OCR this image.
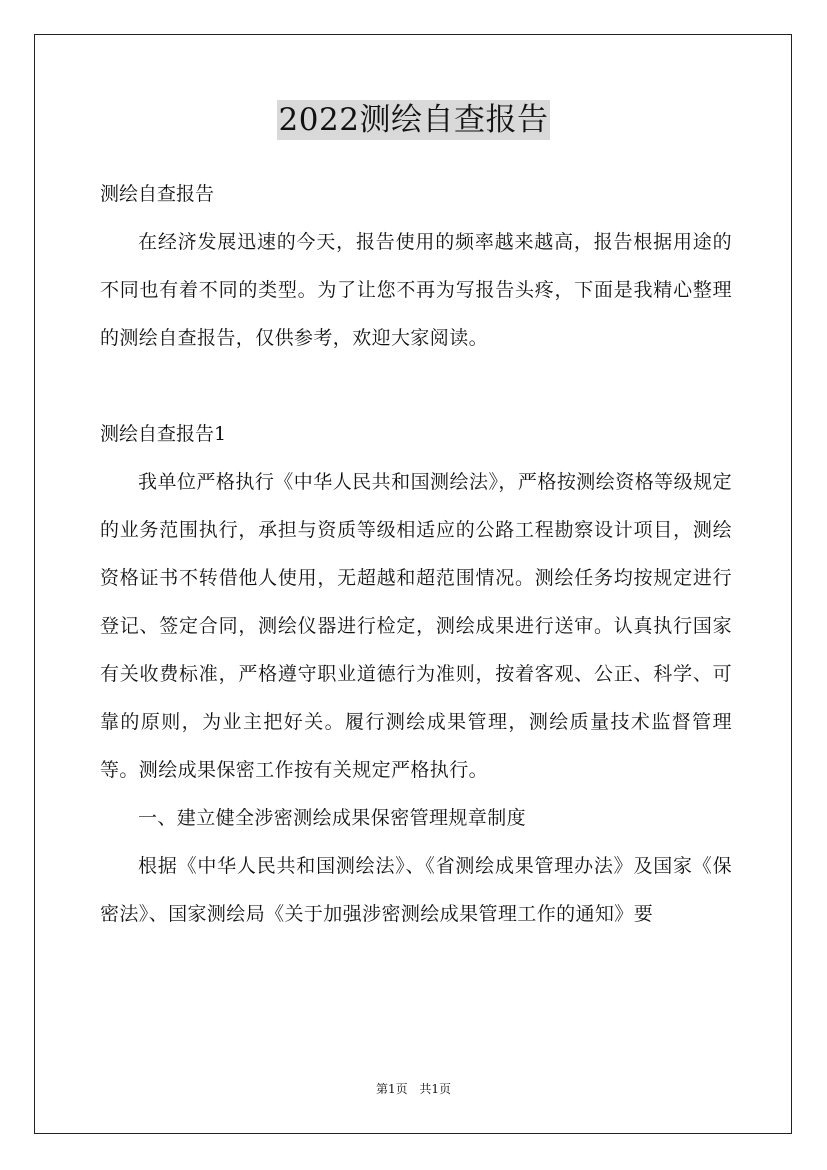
2022测绘自查报告

测绘自查报告

在经济发展迅速的今天，报告使用的频率越来越高，报告根据用途的不同也有着不同的类型。为了让您不再为写报告头疼，下面是我精心整理的测绘自查报告，仅供参考，欢迎大家阅读。

测绘自查报告1

我单位严格执行《中华人民共和国测绘法》，严格按测绘资格等级规定的业务范围执行，承担与资质等级相适应的公路工程勘察设计项目，测绘资格证书不转借他人使用，无超越和超范围情况。测绘任务均按规定进行登记、签定合同，测绘仪器进行检定，测绘成果进行送审。认真执行国家有关收费标准，严格遵守职业道德行为准则，按着客观、公正、科学、可靠的原则，为业主把好关。履行测绘成果管理，测绘质量技术监督管理等。测绘成果保密工作按有关规定严格执行。

一、建立健全涉密测绘成果保密管理规章制度

根据《中华人民共和国测绘法》、《省测绘成果管理办法》及国家《保密法》、国家测绘局《关于加强涉密测绘成果管理工作的通知》要

第1页 共1页
